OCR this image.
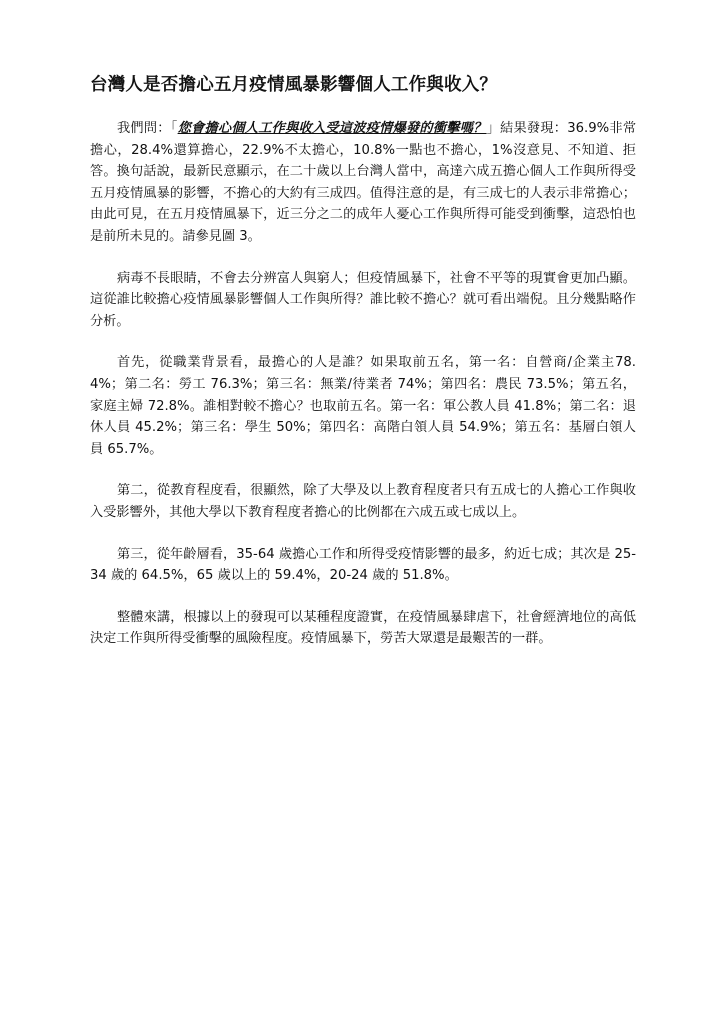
台灣人是否擔心五月疫情風暴影響個人工作與收入？

我們問：「您會擔心個人工作與收入受這波疫情爆發的衝擊嗎？」結果發現：36.9%非常擔心，28.4%還算擔心，22.9%不太擔心，10.8%一點也不擔心，1%沒意見、不知道、拒答。換句話說，最新民意顯示，在二十歲以上台灣人當中，高達六成五擔心個人工作與所得受五月疫情風暴的影響，不擔心的大約有三成四。值得注意的是，有三成七的人表示非常擔心；由此可見，在五月疫情風暴下，近三分之二的成年人憂心工作與所得可能受到衝擊，這恐怕也是前所未見的。請參見圖 3。

病毒不長眼睛，不會去分辨富人與窮人；但疫情風暴下，社會不平等的現實會更加凸顯。這從誰比較擔心疫情風暴影響個人工作與所得？誰比較不擔心？就可看出端倪。且分幾點略作分析。

首先，從職業背景看，最擔心的人是誰？如果取前五名，第一名：自營商/企業主78.4%；第二名：勞工 76.3%；第三名：無業/待業者 74%；第四名：農民 73.5%；第五名，家庭主婦 72.8%。誰相對較不擔心？也取前五名。第一名：軍公教人員 41.8%；第二名：退休人員 45.2%；第三名：學生 50%；第四名：高階白領人員 54.9%；第五名：基層白領人員 65.7%。

第二，從教育程度看，很顯然，除了大學及以上教育程度者只有五成七的人擔心工作與收入受影響外，其他大學以下教育程度者擔心的比例都在六成五或七成以上。

第三，從年齡層看，35-64 歲擔心工作和所得受疫情影響的最多，約近七成；其次是 25-34 歲的 64.5%，65 歲以上的 59.4%，20-24 歲的 51.8%。

整體來講，根據以上的發現可以某種程度證實，在疫情風暴肆虐下，社會經濟地位的高低決定工作與所得受衝擊的風險程度。疫情風暴下，勞苦大眾還是最艱苦的一群。
